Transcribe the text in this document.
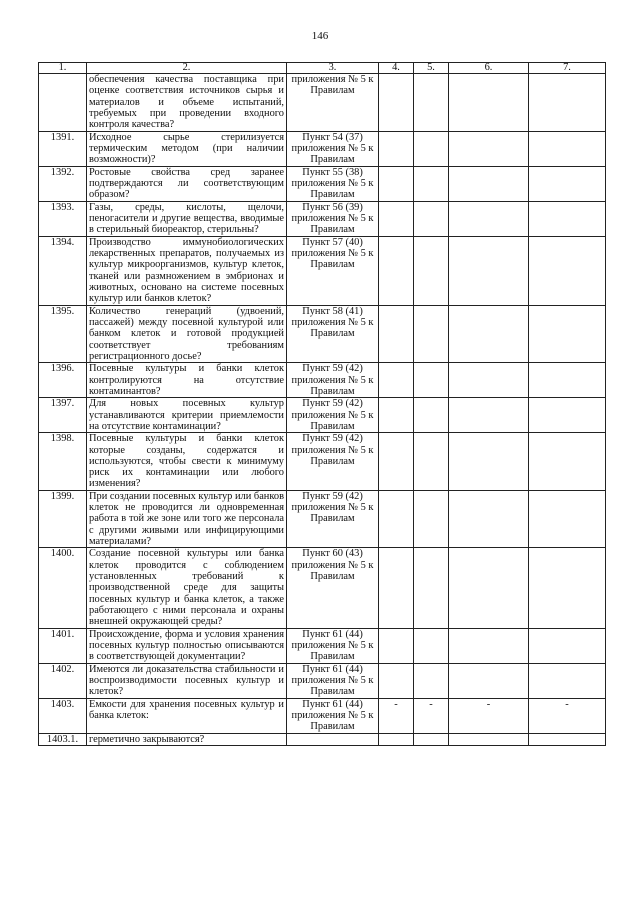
146
1.	2.	3.	4.	5.	6.	7.
	обеспечения качества поставщика при оценке соответствия источников сырья и материалов и объеме испытаний, требуемых при проведении входного контроля качества?	приложения № 5 к Правилам				
1391.	Исходное сырье стерилизуется термическим методом (при наличии возможности)?	Пункт 54 (37) приложения № 5 к Правилам				
1392.	Ростовые свойства сред заранее подтверждаются ли соответствующим образом?	Пункт 55 (38) приложения № 5 к Правилам				
1393.	Газы, среды, кислоты, щелочи, пеногасители и другие вещества, вводимые в стерильный биореактор, стерильны?	Пункт 56 (39) приложения № 5 к Правилам				
1394.	Производство иммунобиологических лекарственных препаратов, получаемых из культур микроорганизмов, культур клеток, тканей или размножением в эмбрионах и животных, основано на системе посевных культур или банков клеток?	Пункт 57 (40) приложения № 5 к Правилам				
1395.	Количество генераций (удвоений, пассажей) между посевной культурой или банком клеток и готовой продукцией соответствует требованиям регистрационного досье?	Пункт 58 (41) приложения № 5 к Правилам				
1396.	Посевные культуры и банки клеток контролируются на отсутствие контаминантов?	Пункт 59 (42) приложения № 5 к Правилам				
1397.	Для новых посевных культур устанавливаются критерии приемлемости на отсутствие контаминации?	Пункт 59 (42) приложения № 5 к Правилам				
1398.	Посевные культуры и банки клеток которые созданы, содержатся и используются, чтобы свести к минимуму риск их контаминации или любого изменения?	Пункт 59 (42) приложения № 5 к Правилам				
1399.	При создании посевных культур или банков клеток не проводится ли одновременная работа в той же зоне или того же персонала с другими живыми или инфицирующими материалами?	Пункт 59 (42) приложения № 5 к Правилам				
1400.	Создание посевной культуры или банка клеток проводится с соблюдением установленных требований к производственной среде для защиты посевных культур и банка клеток, а также работающего с ними персонала и охраны внешней окружающей среды?	Пункт 60 (43) приложения № 5 к Правилам				
1401.	Происхождение, форма и условия хранения посевных культур полностью описываются в соответствующей документации?	Пункт 61 (44) приложения № 5 к Правилам				
1402.	Имеются ли доказательства стабильности и воспроизводимости посевных культур и клеток?	Пункт 61 (44) приложения № 5 к Правилам				
1403.	Емкости для хранения посевных культур и банка клеток:	Пункт 61 (44) приложения № 5 к Правилам	-	-	-	-
1403.1.	герметично закрываются?					
